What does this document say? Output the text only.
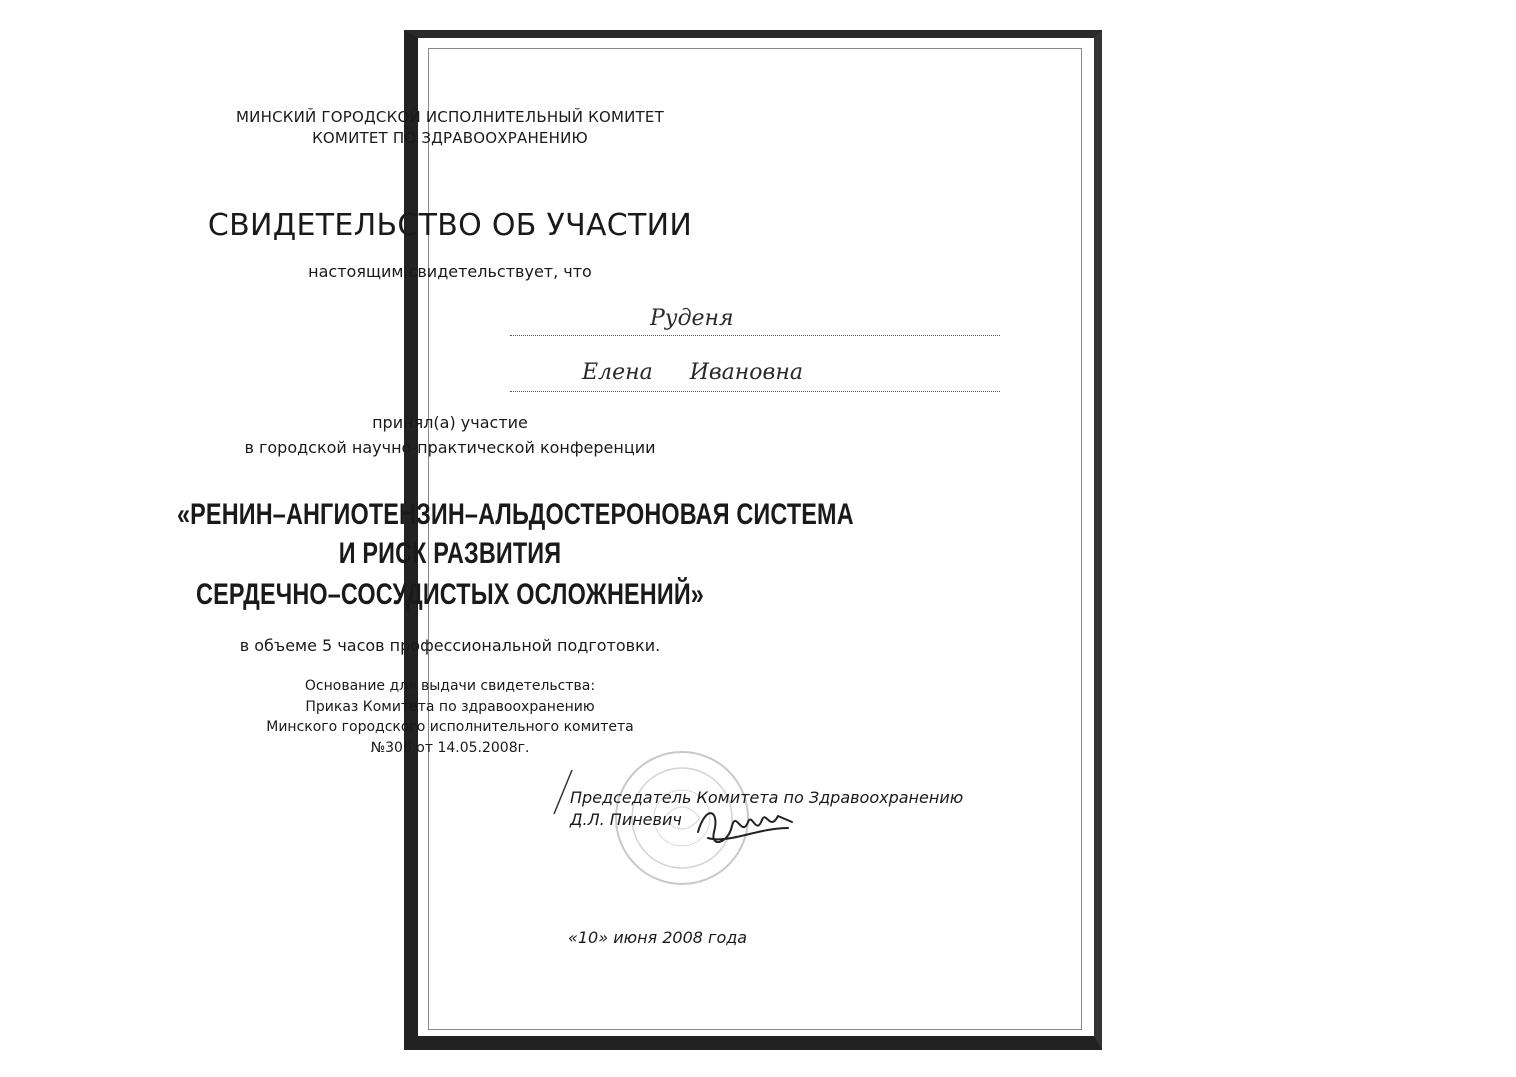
МИНСКИЙ ГОРОДСКОЙ ИСПОЛНИТЕЛЬНЫЙ КОМИТЕТ
КОМИТЕТ ПО ЗДРАВООХРАНЕНИЮ
СВИДЕТЕЛЬСТВО ОБ УЧАСТИИ
настоящим свидетельствует, что
Руденя
Елена Ивановна
принял(а) участие
в городской научно-практической конференции
«РЕНИН–АНГИОТЕНЗИН–АЛЬДОСТЕРОНОВАЯ СИСТЕМА
И РИСК РАЗВИТИЯ
СЕРДЕЧНО–СОСУДИСТЫХ ОСЛОЖНЕНИЙ»
в объеме 5 часов профессиональной подготовки.
Основание для выдачи свидетельства:
Приказ Комитета по здравоохранению
Минского городского исполнительного комитета
№306 от 14.05.2008г.
Председатель Комитета по Здравоохранению
Д.Л. Пиневич
«10» июня 2008 года
